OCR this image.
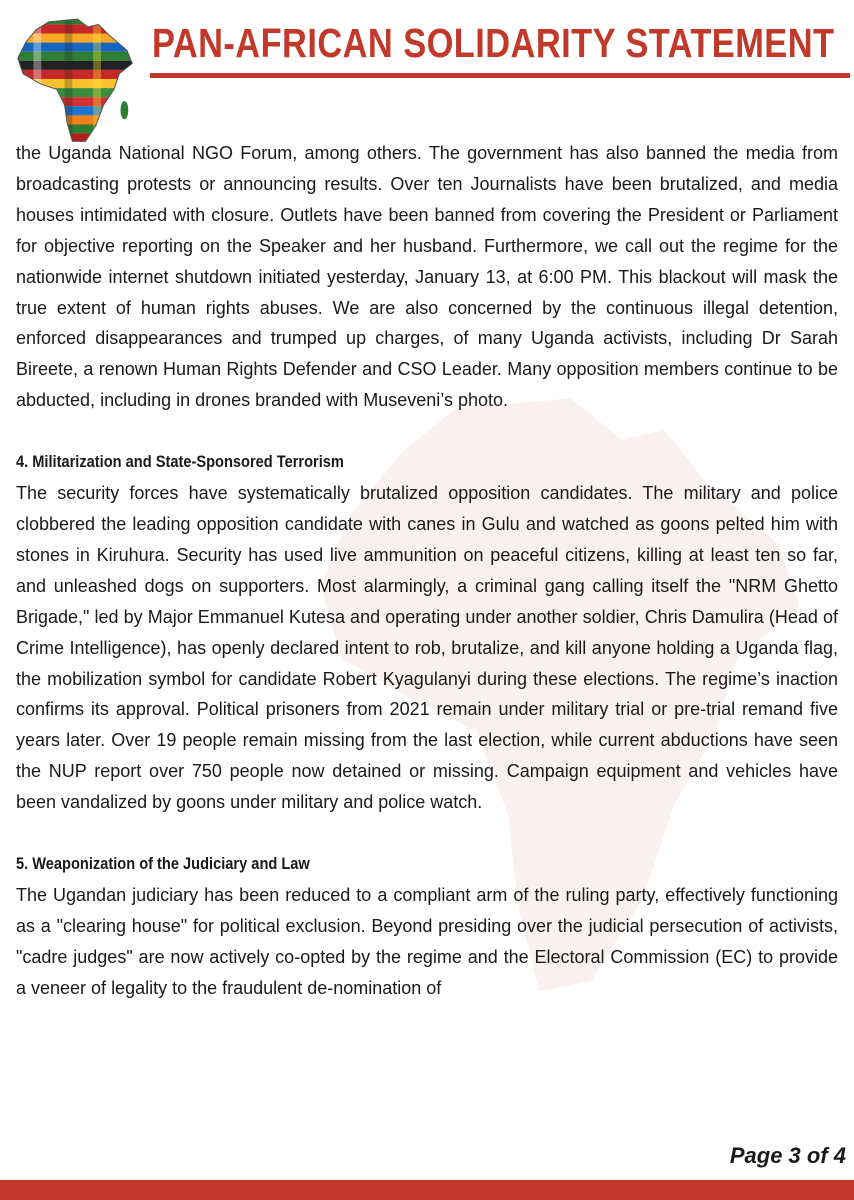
PAN-AFRICAN SOLIDARITY STATEMENT

the Uganda National NGO Forum, among others. The government has also banned the media from broadcasting protests or announcing results. Over ten Journalists have been brutalized, and media houses intimidated with closure. Outlets have been banned from covering the President or Parliament for objective reporting on the Speaker and her husband. Furthermore, we call out the regime for the nationwide internet shutdown initiated yesterday, January 13, at 6:00 PM. This blackout will mask the true extent of human rights abuses. We are also concerned by the continuous illegal detention, enforced disappearances and trumped up charges, of many Uganda activists, including Dr Sarah Bireete, a renown Human Rights Defender and CSO Leader. Many opposition members continue to be abducted, including in drones branded with Museveni’s photo.

4. Militarization and State-Sponsored Terrorism

The security forces have systematically brutalized opposition candidates. The military and police clobbered the leading opposition candidate with canes in Gulu and watched as goons pelted him with stones in Kiruhura. Security has used live ammunition on peaceful citizens, killing at least ten so far, and unleashed dogs on supporters. Most alarmingly, a criminal gang calling itself the "NRM Ghetto Brigade," led by Major Emmanuel Kutesa and operating under another soldier, Chris Damulira (Head of Crime Intelligence), has openly declared intent to rob, brutalize, and kill anyone holding a Uganda flag, the mobilization symbol for candidate Robert Kyagulanyi during these elections. The regime’s inaction confirms its approval. Political prisoners from 2021 remain under military trial or pre-trial remand five years later. Over 19 people remain missing from the last election, while current abductions have seen the NUP report over 750 people now detained or missing. Campaign equipment and vehicles have been vandalized by goons under military and police watch.

5. Weaponization of the Judiciary and Law

The Ugandan judiciary has been reduced to a compliant arm of the ruling party, effectively functioning as a "clearing house" for political exclusion. Beyond presiding over the judicial persecution of activists, "cadre judges" are now actively co-opted by the regime and the Electoral Commission (EC) to provide a veneer of legality to the fraudulent de-nomination of

Page 3 of 4
